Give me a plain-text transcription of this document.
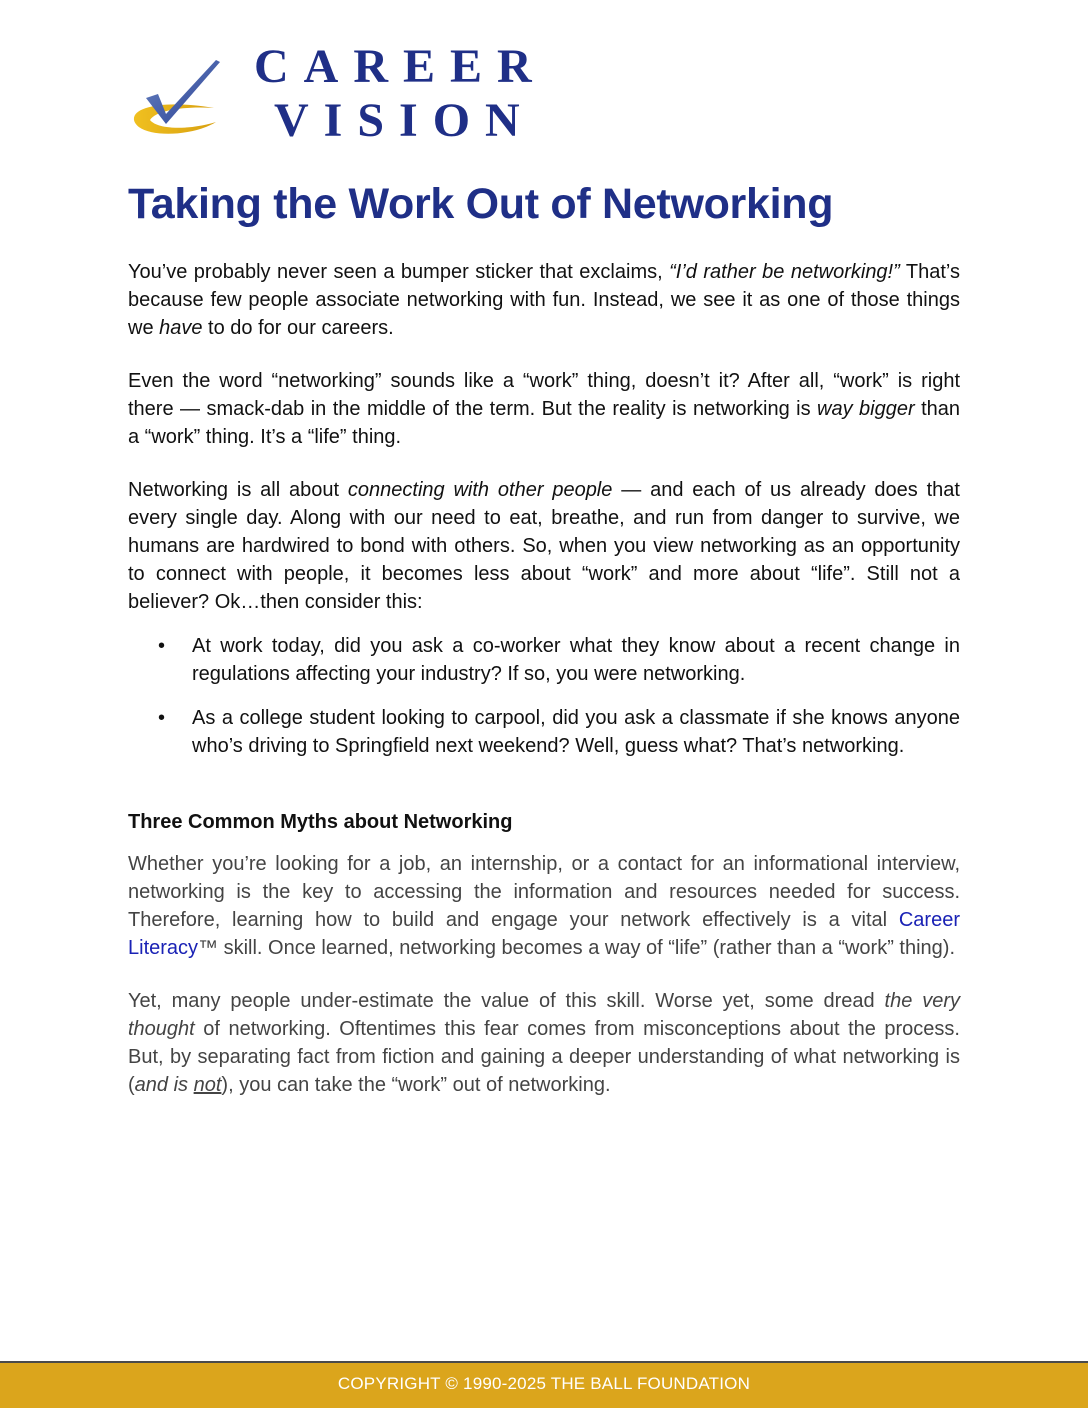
CAREER
VISION
Taking the Work Out of Networking

You’ve probably never seen a bumper sticker that exclaims, “I’d rather be networking!” That’s because few people associate networking with fun. Instead, we see it as one of those things we have to do for our careers.

Even the word “networking” sounds like a “work” thing, doesn’t it? After all, “work” is right there — smack-dab in the middle of the term. But the reality is networking is way bigger than a “work” thing. It’s a “life” thing.

Networking is all about connecting with other people — and each of us already does that every single day. Along with our need to eat, breathe, and run from danger to survive, we humans are hardwired to bond with others. So, when you view networking as an opportunity to connect with people, it becomes less about “work” and more about “life”. Still not a believer? Ok…then consider this:

• At work today, did you ask a co-worker what they know about a recent change in regulations affecting your industry? If so, you were networking.

• As a college student looking to carpool, did you ask a classmate if she knows anyone who’s driving to Springfield next weekend? Well, guess what? That’s networking.

Three Common Myths about Networking

Whether you’re looking for a job, an internship, or a contact for an informational interview, networking is the key to accessing the information and resources needed for success. Therefore, learning how to build and engage your network effectively is a vital Career Literacy™ skill. Once learned, networking becomes a way of “life” (rather than a “work” thing).

Yet, many people under-estimate the value of this skill. Worse yet, some dread the very thought of networking. Oftentimes this fear comes from misconceptions about the process. But, by separating fact from fiction and gaining a deeper understanding of what networking is (and is not), you can take the “work” out of networking.

COPYRIGHT © 1990-2025 THE BALL FOUNDATION
